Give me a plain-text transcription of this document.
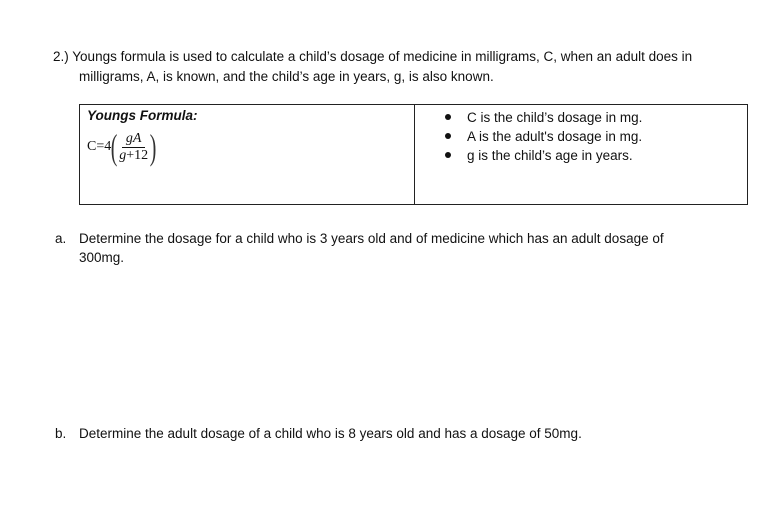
2.) Youngs formula is used to calculate a child’s dosage of medicine in milligrams, C, when an adult does in
milligrams, A, is known, and the child’s age in years, g, is also known.
Youngs Formula:
C=4 ( $\frac{gA}{g+12}$ )
C is the child’s dosage in mg.
A is the adult's dosage in mg.
g is the child’s age in years.
a. Determine the dosage for a child who is 3 years old and of medicine which has an adult dosage of
300mg.
b. Determine the adult dosage of a child who is 8 years old and has a dosage of 50mg.
